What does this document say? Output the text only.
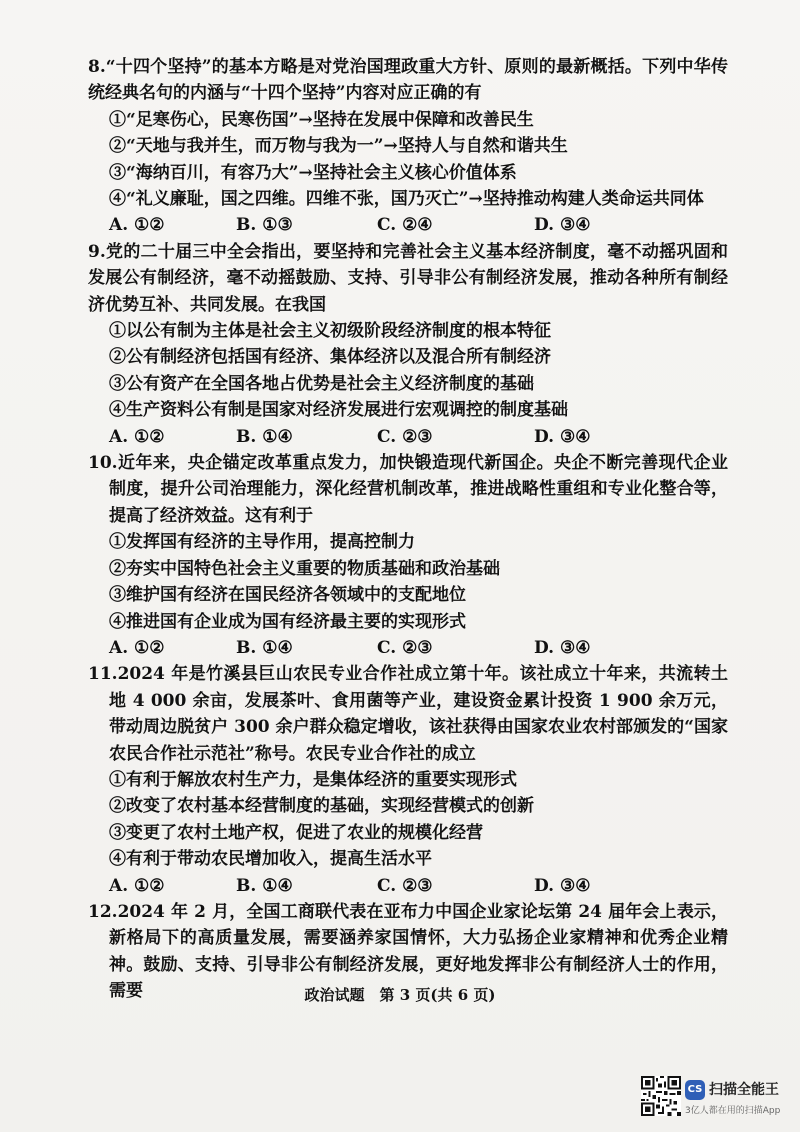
8.“十四个坚持”的基本方略是对党治国理政重大方针、原则的最新概括。下列中华传统经典名句的内涵与“十四个坚持”内容对应正确的有

①“足寒伤心，民寒伤国”→坚持在发展中保障和改善民生

②“天地与我并生，而万物与我为一”→坚持人与自然和谐共生

③“海纳百川，有容乃大”→坚持社会主义核心价值体系

④“礼义廉耻，国之四维。四维不张，国乃灭亡”→坚持推动构建人类命运共同体

A. ①②	B. ①③	C. ②④	D. ③④

9.党的二十届三中全会指出，要坚持和完善社会主义基本经济制度，毫不动摇巩固和发展公有制经济，毫不动摇鼓励、支持、引导非公有制经济发展，推动各种所有制经济优势互补、共同发展。在我国

①以公有制为主体是社会主义初级阶段经济制度的根本特征

②公有制经济包括国有经济、集体经济以及混合所有制经济

③公有资产在全国各地占优势是社会主义经济制度的基础

④生产资料公有制是国家对经济发展进行宏观调控的制度基础

A. ①②	B. ①④	C. ②③	D. ③④

10.近年来，央企锚定改革重点发力，加快锻造现代新国企。央企不断完善现代企业制度，提升公司治理能力，深化经营机制改革，推进战略性重组和专业化整合等，提高了经济效益。这有利于

①发挥国有经济的主导作用，提高控制力

②夯实中国特色社会主义重要的物质基础和政治基础

③维护国有经济在国民经济各领域中的支配地位

④推进国有企业成为国有经济最主要的实现形式

A. ①②	B. ①④	C. ②③	D. ③④

11.2024 年是竹溪县巨山农民专业合作社成立第十年。该社成立十年来，共流转土地 4 000 余亩，发展茶叶、食用菌等产业，建设资金累计投资 1 900 余万元，带动周边脱贫户 300 余户群众稳定增收，该社获得由国家农业农村部颁发的“国家农民合作社示范社”称号。农民专业合作社的成立

①有利于解放农村生产力，是集体经济的重要实现形式

②改变了农村基本经营制度的基础，实现经营模式的创新

③变更了农村土地产权，促进了农业的规模化经营

④有利于带动农民增加收入，提高生活水平

A. ①②	B. ①④	C. ②③	D. ③④

12.2024 年 2 月，全国工商联代表在亚布力中国企业家论坛第 24 届年会上表示，新格局下的高质量发展，需要涵养家国情怀，大力弘扬企业家精神和优秀企业精神。鼓励、支持、引导非公有制经济发展，更好地发挥非公有制经济人士的作用，需要	政治试题　第 3 页(共 6 页)
CS 扫描全能王
3亿人都在用的扫描App
